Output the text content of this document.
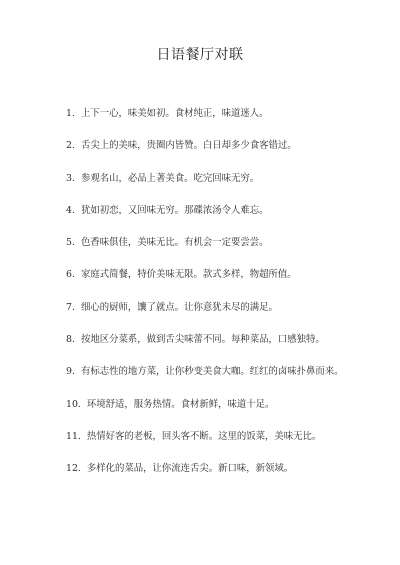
日语餐厅对联
1. 上下一心，味美如初。食材纯正，味道迷人。
2. 舌尖上的美味，贵圈内皆赞。白日却多少食客错过。
3. 参观名山，必品上著美食。吃完回味无穷。
4. 犹如初恋，又回味无穷。那碟浓汤令人难忘。
5. 色香味俱佳，美味无比。有机会一定要尝尝。
6. 家庭式简餐，特价美味无限。款式多样，物超所值。
7. 细心的厨师，馕了就点。让你意犹未尽的满足。
8. 按地区分菜系，做到舌尖味蕾不同。每种菜品，口感独特。
9. 有标志性的地方菜，让你秒变美食大咖。红红的卤味扑鼻而来。
10. 环境舒适，服务热情。食材新鲜，味道十足。
11. 热情好客的老板，回头客不断。这里的饭菜，美味无比。
12. 多样化的菜品，让你流连舌尖。新口味，新领域。
